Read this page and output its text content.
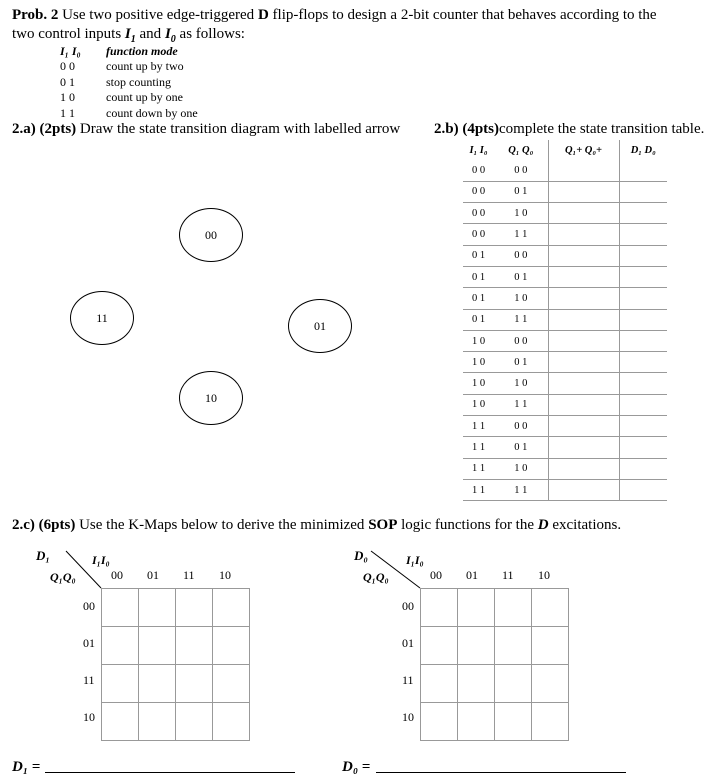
Prob. 2 Use two positive edge-triggered D flip-flops to design a 2-bit counter that behaves according to the
two control inputs $I_1$ and $I_0$ as follows:
I₁ I₀ function mode
0 0	count up by two
0 1	stop counting
1 0	count up by one
1 1	count down by one
2.a) (2pts) Draw the state transition diagram with labelled arrow 2.b) (4pts)complete the state transition table.
00
01
10
11
I₁ I₀	Q₁ Q₀	Q₁+ Q₀+	D₁ D₀
0 0	0 0		
0 0	0 1		
0 0	1 0		
0 0	1 1		
0 1	0 0		
0 1	0 1		
0 1	1 0		
0 1	1 1		
1 0	0 0		
1 0	0 1		
1 0	1 0		
1 0	1 1		
1 1	0 0		
1 1	0 1		
1 1	1 0		
1 1	1 1		
2.c) (6pts) Use the K-Maps below to derive the minimized SOP logic functions for the D excitations.
D₁	I₁I₀
Q₁Q₀	00 01 11 10
00
01
11
10

D₀	I₁I₀
Q₁Q₀	00 01 11 10
00
01
11
10

D₁ =	D₀ =
